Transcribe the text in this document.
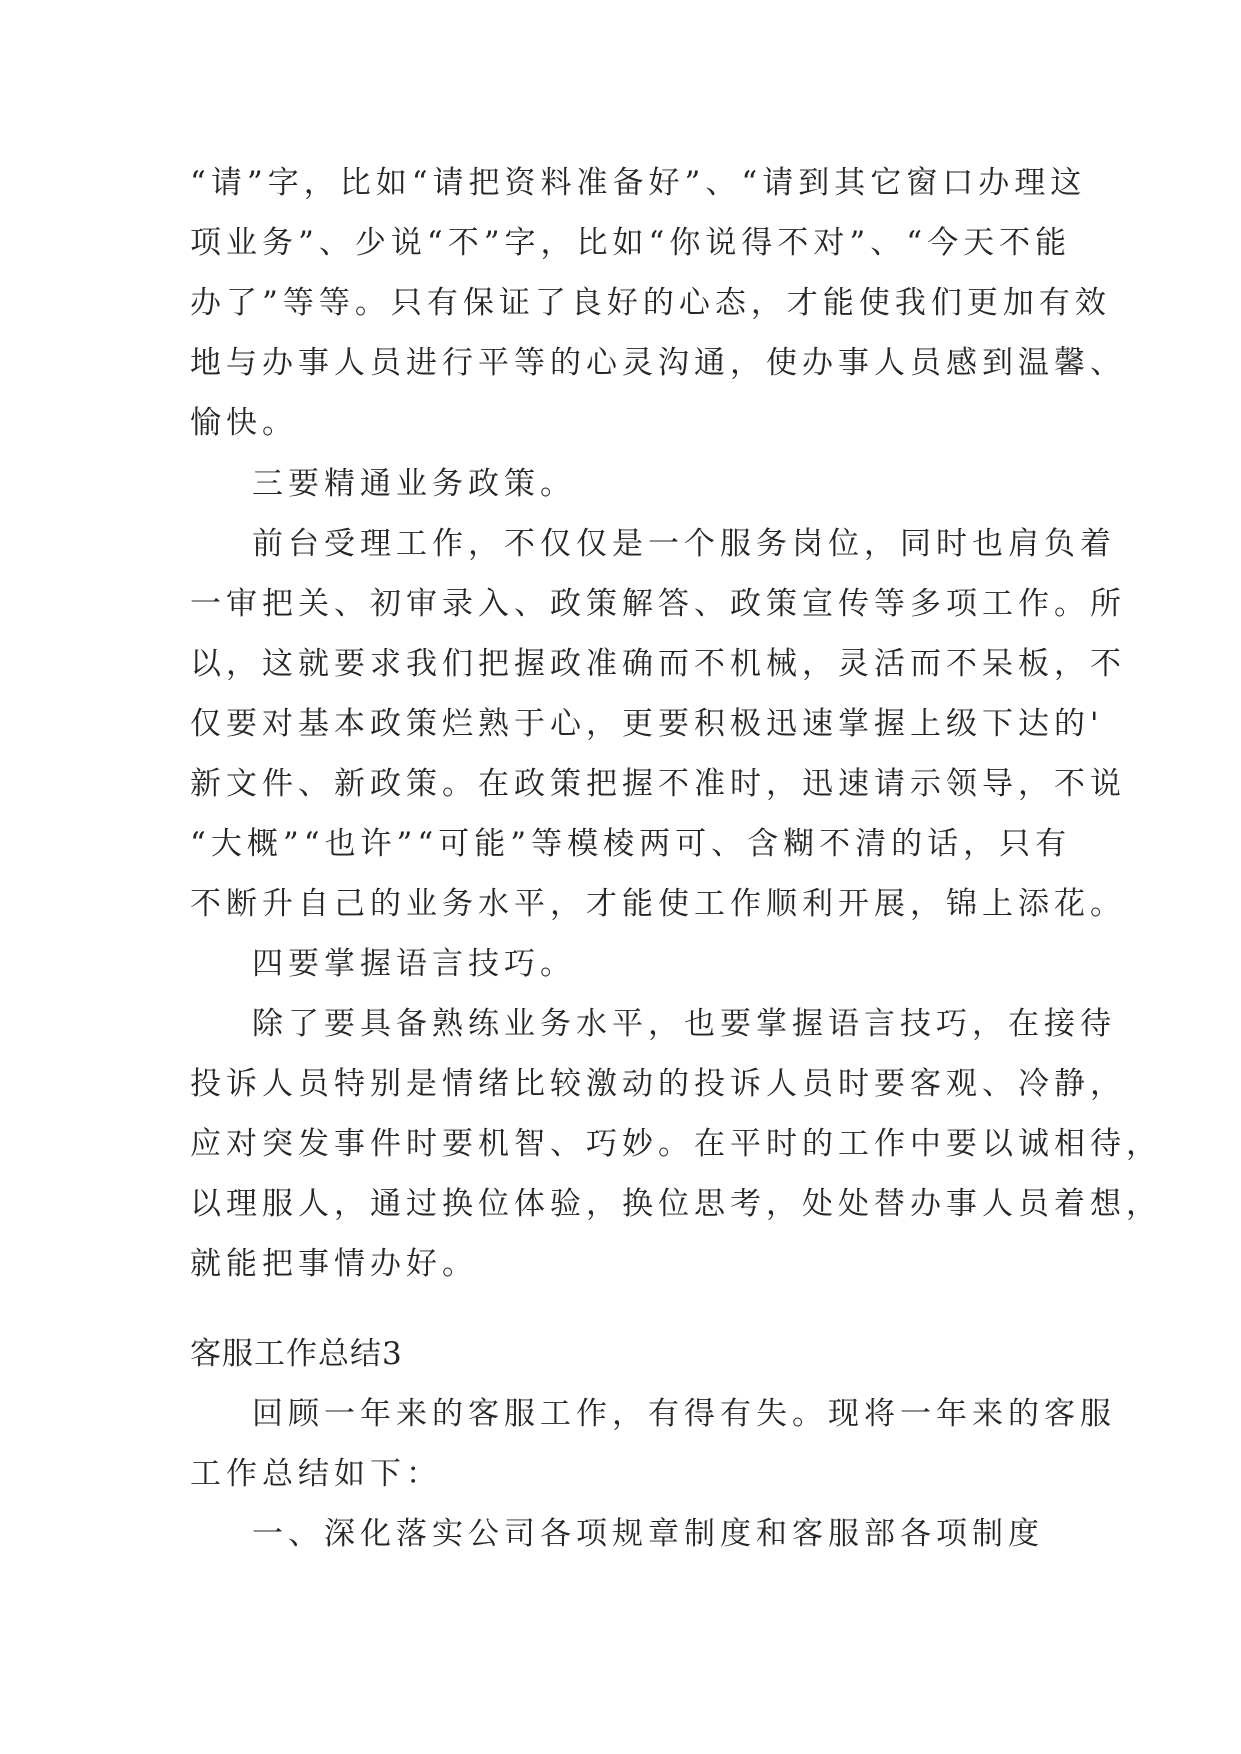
“请”字，比如“请把资料准备好”、“请到其它窗口办理这
项业务”、少说“不”字，比如“你说得不对”、“今天不能
办了”等等。只有保证了良好的心态，才能使我们更加有效
地与办事人员进行平等的心灵沟通，使办事人员感到温馨、
愉快。
三要精通业务政策。
前台受理工作，不仅仅是一个服务岗位，同时也肩负着
一审把关、初审录入、政策解答、政策宣传等多项工作。所
以，这就要求我们把握政准确而不机械，灵活而不呆板，不
仅要对基本政策烂熟于心，更要积极迅速掌握上级下达的'
新文件、新政策。在政策把握不准时，迅速请示领导，不说
“大概”“也许”“可能”等模棱两可、含糊不清的话，只有
不断升自己的业务水平，才能使工作顺利开展，锦上添花。
四要掌握语言技巧。
除了要具备熟练业务水平，也要掌握语言技巧，在接待
投诉人员特别是情绪比较激动的投诉人员时要客观、冷静，
应对突发事件时要机智、巧妙。在平时的工作中要以诚相待，
以理服人，通过换位体验，换位思考，处处替办事人员着想，
就能把事情办好。
客服工作总结3
回顾一年来的客服工作，有得有失。现将一年来的客服
工作总结如下：
一、深化落实公司各项规章制度和客服部各项制度
